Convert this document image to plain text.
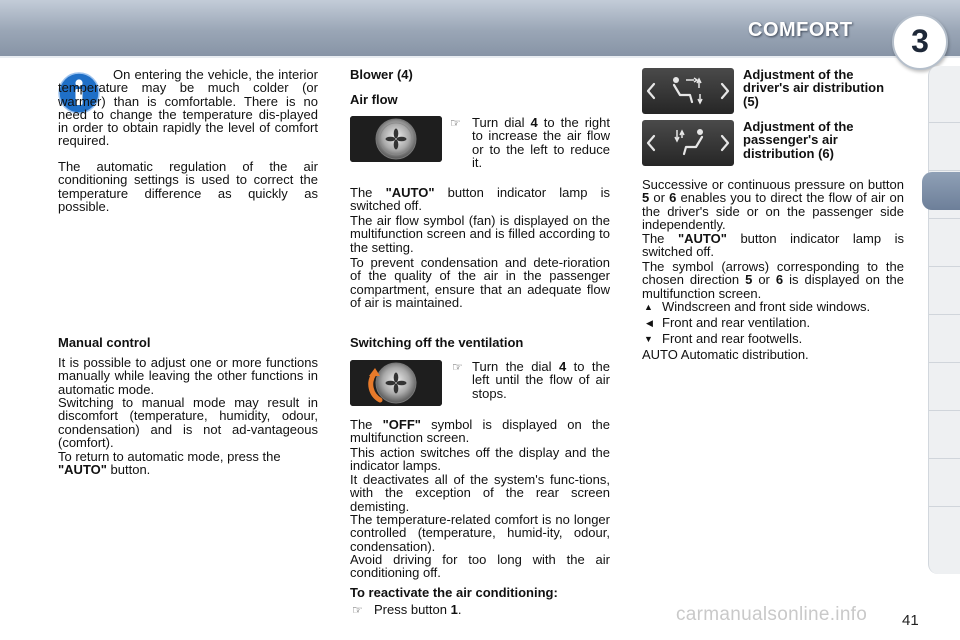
COMFORT	3

On entering the vehicle, the interior temperature may be much colder (or warmer) than is comfortable. There is no need to change the temperature dis-played in order to obtain rapidly the level of comfort required.

The automatic regulation of the air conditioning settings is used to correct the temperature difference as quickly as possible.

Manual control

It is possible to adjust one or more functions manually while leaving the other functions in automatic mode.

Switching to manual mode may result in discomfort (temperature, humidity, odour, condensation) and is not ad-vantageous (comfort).

To return to automatic mode, press the "AUTO" button.

Blower (4)
Air flow
☞ Turn dial 4 to the right to increase the air flow or to the left to reduce it.

The "AUTO" button indicator lamp is switched off.

The air flow symbol (fan) is displayed on the multifunction screen and is filled according to the setting.

To prevent condensation and dete-rioration of the quality of the air in the passenger compartment, ensure that an adequate flow of air is maintained.

Switching off the ventilation
☞ Turn the dial 4 to the left until the flow of air stops.

The "OFF" symbol is displayed on the multifunction screen.

This action switches off the display and the indicator lamps.

It deactivates all of the system's func-tions, with the exception of the rear screen demisting.

The temperature-related comfort is no longer controlled (temperature, humid-ity, odour, condensation).

Avoid driving for too long with the air conditioning off.

To reactivate the air conditioning:
☞ Press button 1.

Adjustment of the driver's air distribution (5)

Adjustment of the passenger's air distribution (6)

Successive or continuous pressure on button 5 or 6 enables you to direct the flow of air on the driver's side or on the passenger side independently.

The "AUTO" button indicator lamp is switched off.

The symbol (arrows) corresponding to the chosen direction 5 or 6 is displayed on the multifunction screen.

▲ Windscreen and front side windows.

◀ Front and rear ventilation.

▼ Front and rear footwells.

AUTO Automatic distribution.

carmanualsonline.info 41
